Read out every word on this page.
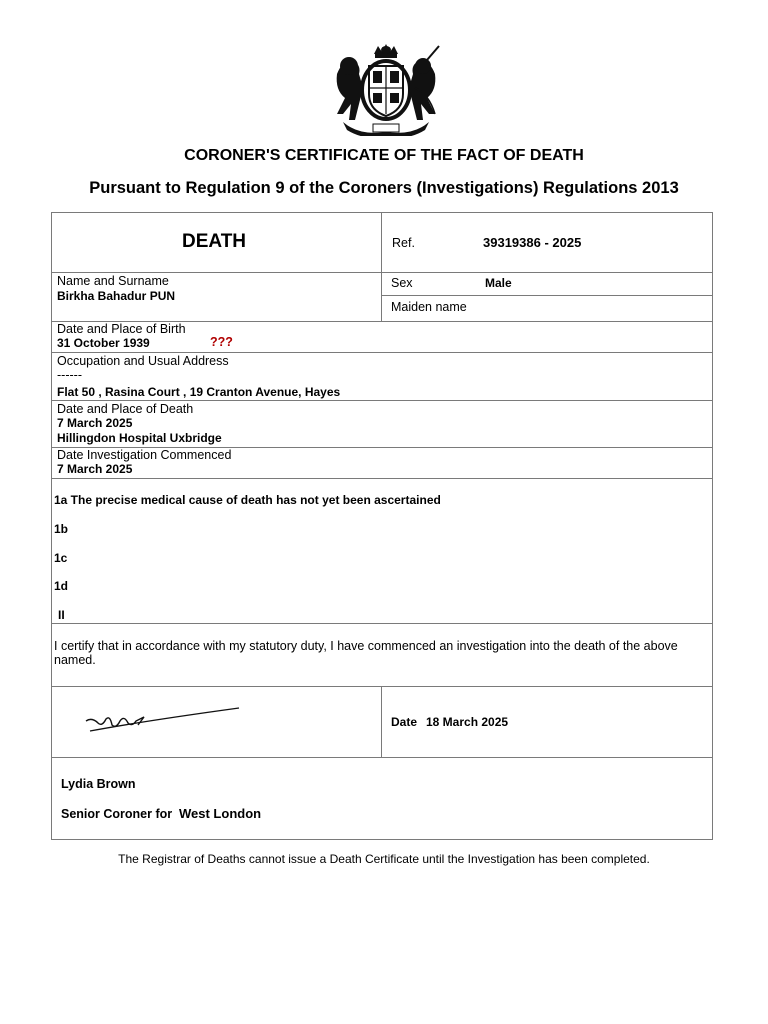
CORONER'S CERTIFICATE OF THE FACT OF DEATH
Pursuant to Regulation 9 of the Coroners (Investigations) Regulations 2013
DEATH	Ref.	39319386 - 2025
Name and Surname
Birkha Bahadur PUN
Sex	Male
Maiden name
Date and Place of Birth
31 October 1939	???
Occupation and Usual Address
------
Flat 50 , Rasina Court , 19 Cranton Avenue, Hayes
Date and Place of Death
7 March 2025
Hillingdon Hospital Uxbridge
Date Investigation Commenced
7 March 2025
1a The precise medical cause of death has not yet been ascertained
1b
1c
1d
II
I certify that in accordance with my statutory duty, I have commenced an investigation into the death of the above named.
Date 18 March 2025
Lydia Brown
Senior Coroner for West London
The Registrar of Deaths cannot issue a Death Certificate until the Investigation has been completed.
